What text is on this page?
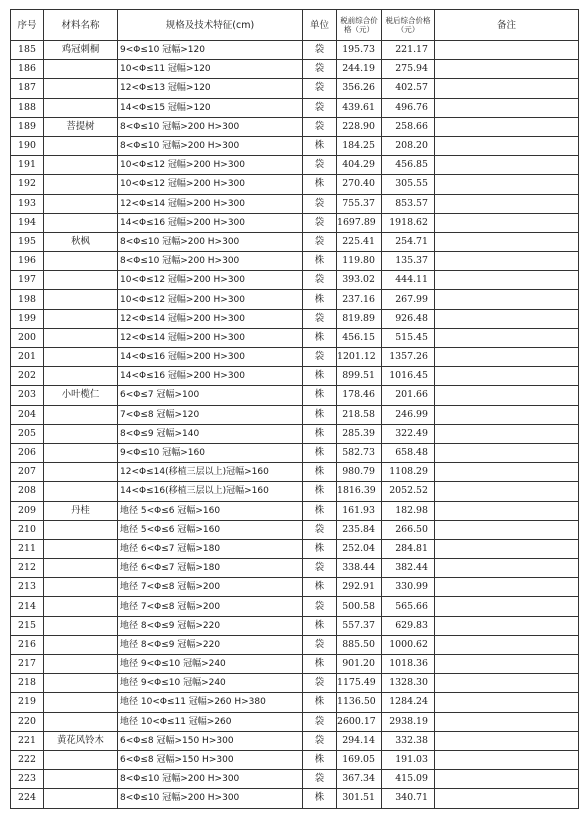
序号	材料名称	规格及技术特征(cm)	单位	税前综合价格（元）	税后综合价格（元）	备注
185	鸡冠刺桐	9<Φ≤10 冠幅>120	袋	195.73	221.17	
186		10<Φ≤11 冠幅>120	袋	244.19	275.94	
187		12<Φ≤13 冠幅>120	袋	356.26	402.57	
188		14<Φ≤15 冠幅>120	袋	439.61	496.76	
189	菩提树	8<Φ≤10 冠幅>200 H>300	袋	228.90	258.66	
190		8<Φ≤10 冠幅>200 H>300	株	184.25	208.20	
191		10<Φ≤12 冠幅>200 H>300	袋	404.29	456.85	
192		10<Φ≤12 冠幅>200 H>300	株	270.40	305.55	
193		12<Φ≤14 冠幅>200 H>300	袋	755.37	853.57	
194		14<Φ≤16 冠幅>200 H>300	袋	1697.89	1918.62	
195	秋枫	8<Φ≤10 冠幅>200 H>300	袋	225.41	254.71	
196		8<Φ≤10 冠幅>200 H>300	株	119.80	135.37	
197		10<Φ≤12 冠幅>200 H>300	袋	393.02	444.11	
198		10<Φ≤12 冠幅>200 H>300	株	237.16	267.99	
199		12<Φ≤14 冠幅>200 H>300	袋	819.89	926.48	
200		12<Φ≤14 冠幅>200 H>300	株	456.15	515.45	
201		14<Φ≤16 冠幅>200 H>300	袋	1201.12	1357.26	
202		14<Φ≤16 冠幅>200 H>300	株	899.51	1016.45	
203	小叶榄仁	6<Φ≤7 冠幅>100	株	178.46	201.66	
204		7<Φ≤8 冠幅>120	株	218.58	246.99	
205		8<Φ≤9 冠幅>140	株	285.39	322.49	
206		9<Φ≤10 冠幅>160	株	582.73	658.48	
207		12<Φ≤14(移植三层以上)冠幅>160	株	980.79	1108.29	
208		14<Φ≤16(移植三层以上)冠幅>160	株	1816.39	2052.52	
209	丹桂	地径 5<Φ≤6 冠幅>160	株	161.93	182.98	
210		地径 5<Φ≤6 冠幅>160	袋	235.84	266.50	
211		地径 6<Φ≤7 冠幅>180	株	252.04	284.81	
212		地径 6<Φ≤7 冠幅>180	袋	338.44	382.44	
213		地径 7<Φ≤8 冠幅>200	株	292.91	330.99	
214		地径 7<Φ≤8 冠幅>200	袋	500.58	565.66	
215		地径 8<Φ≤9 冠幅>220	株	557.37	629.83	
216		地径 8<Φ≤9 冠幅>220	袋	885.50	1000.62	
217		地径 9<Φ≤10 冠幅>240	株	901.20	1018.36	
218		地径 9<Φ≤10 冠幅>240	袋	1175.49	1328.30	
219		地径 10<Φ≤11 冠幅>260 H>380	株	1136.50	1284.24	
220		地径 10<Φ≤11 冠幅>260	袋	2600.17	2938.19	
221	黄花风铃木	6<Φ≤8 冠幅>150 H>300	袋	294.14	332.38	
222		6<Φ≤8 冠幅>150 H>300	株	169.05	191.03	
223		8<Φ≤10 冠幅>200 H>300	袋	367.34	415.09	
224		8<Φ≤10 冠幅>200 H>300	株	301.51	340.71	
